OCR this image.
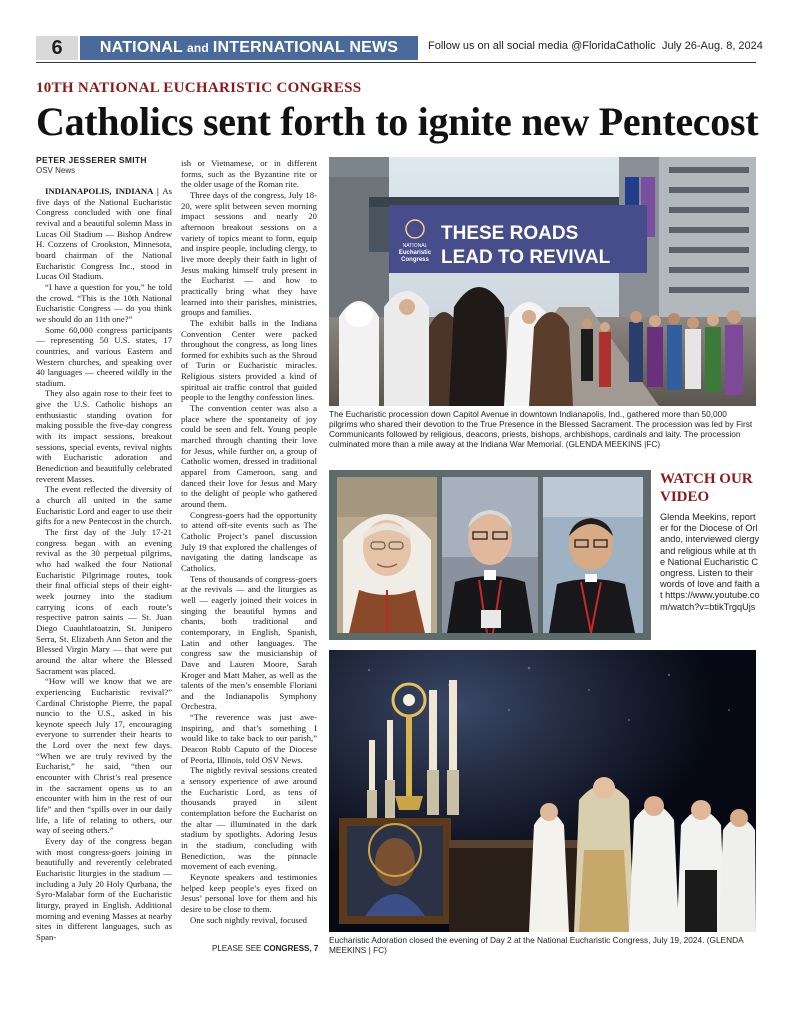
6	NATIONAL and INTERNATIONAL NEWS	Follow us on all social media @FloridaCatholic July 26-Aug. 8, 2024
10TH NATIONAL EUCHARISTIC CONGRESS
Catholics sent forth to ignite new Pentecost
PETER JESSERER SMITH
OSV News

INDIANAPOLIS, INDIANA | As five days of the National Eucharistic Congress concluded with one final revival and a beautiful solemn Mass in Lucas Oil Stadium — Bishop Andrew H. Cozzens of Crookston, Minnesota, board chairman of the National Eucharistic Congress Inc., stood in Lucas Oil Stadium.

“I have a question for you,” he told the crowd. “This is the 10th National Eucharistic Congress — do you think we should do an 11th one?”

Some 60,000 congress participants — representing 50 U.S. states, 17 countries, and various Eastern and Western churches, and speaking over 40 languages — cheered wildly in the stadium.

They also again rose to their feet to give the U.S. Catholic bishops an enthusiastic standing ovation for making possible the five-day congress with its impact sessions, breakout sessions, special events, revival nights with Eucharistic adoration and Benediction and beautifully celebrated reverent Masses.

The event reflected the diversity of a church all united in the same Eucharistic Lord and eager to use their gifts for a new Pentecost in the church.

The first day of the July 17-21 congress began with an evening revival as the 30 perpetual pilgrims, who had walked the four National Eucharistic Pilgrimage routes, took their final official steps of their eight-week journey into the stadium carrying icons of each route’s respective patron saints — St. Juan Diego Cuauhtlatoatzin, St. Junipero Serra, St. Elizabeth Ann Seton and the Blessed Virgin Mary — that were put around the altar where the Blessed Sacrament was placed.

“How will we know that we are experiencing Eucharistic revival?” Cardinal Christophe Pierre, the papal nuncio to the U.S., asked in his keynote speech July 17, encouraging everyone to surrender their hearts to the Lord over the next few days. “When we are truly revived by the Eucharist,” he said, “then our encounter with Christ’s real presence in the sacrament opens us to an encounter with him in the rest of our life” and then “spills over in our daily life, a life of relating to others, our way of seeing others.”

Every day of the congress began with most congress-goers joining in beautifully and reverently celebrated Eucharistic liturgies in the stadium — including a July 20 Holy Qurbana, the Syro-Malabar form of the Eucharistic liturgy, prayed in English. Additional morning and evening Masses at nearby sites in different languages, such as Span-

ish or Vietnamese, or in different forms, such as the Byzantine rite or the older usage of the Roman rite.

Three days of the congress, July 18-20, were split between seven morning impact sessions and nearly 20 afternoon breakout sessions on a variety of topics meant to form, equip and inspire people, including clergy, to live more deeply their faith in light of Jesus making himself truly present in the Eucharist — and how to practically bring what they have learned into their parishes, ministries, groups and families.

The exhibit halls in the Indiana Convention Center were packed throughout the congress, as long lines formed for exhibits such as the Shroud of Turin or Eucharistic miracles. Religious sisters provided a kind of spiritual air traffic control that guided people to the lengthy confession lines.

The convention center was also a place where the spontaneity of joy could be seen and felt. Young people marched through chanting their love for Jesus, while further on, a group of Catholic women, dressed in traditional apparel from Cameroon, sang and danced their love for Jesus and Mary to the delight of people who gathered around them.

Congress-goers had the opportunity to attend off-site events such as The Catholic Project’s panel discussion July 19 that explored the challenges of navigating the dating landscape as Catholics.

Tens of thousands of congress-goers at the revivals — and the liturgies as well — eagerly joined their voices in singing the beautiful hymns and chants, both traditional and contemporary, in English, Spanish, Latin and other languages. The congress saw the musicianship of Dave and Lauren Moore, Sarah Kroger and Matt Maher, as well as the talents of the men’s ensemble Floriani and the Indianapolis Symphony Orchestra.

“The reverence was just awe-inspiring, and that’s something I would like to take back to our parish,” Deacon Robb Caputo of the Diocese of Peoria, Illinois, told OSV News.

The nightly revival sessions created a sensory experience of awe around the Eucharistic Lord, as tens of thousands prayed in silent contemplation before the Eucharist on the altar — illuminated in the dark stadium by spotlights. Adoring Jesus in the stadium, concluding with Benediction, was the pinnacle movement of each evening.

Keynote speakers and testimonies helped keep people’s eyes fixed on Jesus’ personal love for them and his desire to be close to them.

One such nightly revival, focused

PLEASE SEE CONGRESS, 7
NATIONAL
Eucharistic
Congress
THESE ROADS
LEAD TO REVIVAL
The Eucharistic procession down Capitol Avenue in downtown Indianapolis, Ind., gathered more than 50,000 pilgrims who shared their devotion to the True Presence in the Blessed Sacrament. The procession was led by First Communicants followed by religious, deacons, priests, bishops, archbishops, cardinals and laity. The procession culminated more than a mile away at the Indiana War Memorial. (GLENDA MEEKINS |FC)
WATCH OUR VIDEO
Glenda Meekins, reporter for the Diocese of Orlando, interviewed clergy and religious while at the National Eucharistic Congress. Listen to their words of love and faith at https://www.youtube.com/watch?v=btikTrgqUjs
Eucharistic Adoration closed the evening of Day 2 at the National Eucharistic Congress, July 19, 2024. (GLENDA MEEKINS | FC)
